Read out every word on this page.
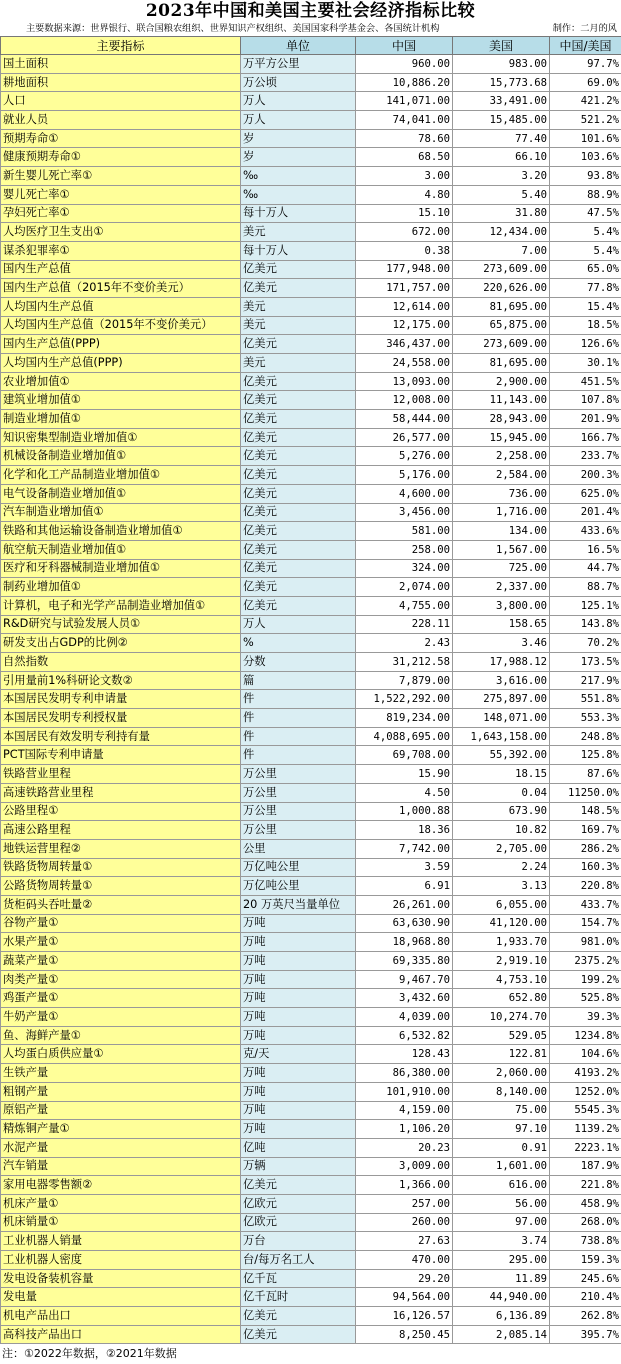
2023年中国和美国主要社会经济指标比较
主要数据来源：世界银行、联合国粮农组织、世界知识产权组织、美国国家科学基金会、各国统计机构	制作：二月的风
主要指标	单位	中国	美国	中国/美国
国土面积	万平方公里	960.00	983.00	97.7%
耕地面积	万公顷	10,886.20	15,773.68	69.0%
人口	万人	141,071.00	33,491.00	421.2%
就业人员	万人	74,041.00	15,485.00	521.2%
预期寿命①	岁	78.60	77.40	101.6%
健康预期寿命①	岁	68.50	66.10	103.6%
新生婴儿死亡率①	‰	3.00	3.20	93.8%
婴儿死亡率①	‰	4.80	5.40	88.9%
孕妇死亡率①	每十万人	15.10	31.80	47.5%
人均医疗卫生支出①	美元	672.00	12,434.00	5.4%
谋杀犯罪率①	每十万人	0.38	7.00	5.4%
国内生产总值	亿美元	177,948.00	273,609.00	65.0%
国内生产总值（2015年不变价美元）	亿美元	171,757.00	220,626.00	77.8%
人均国内生产总值	美元	12,614.00	81,695.00	15.4%
人均国内生产总值（2015年不变价美元）	美元	12,175.00	65,875.00	18.5%
国内生产总值(PPP)	亿美元	346,437.00	273,609.00	126.6%
人均国内生产总值(PPP)	美元	24,558.00	81,695.00	30.1%
农业增加值①	亿美元	13,093.00	2,900.00	451.5%
建筑业增加值①	亿美元	12,008.00	11,143.00	107.8%
制造业增加值①	亿美元	58,444.00	28,943.00	201.9%
知识密集型制造业增加值①	亿美元	26,577.00	15,945.00	166.7%
机械设备制造业增加值①	亿美元	5,276.00	2,258.00	233.7%
化学和化工产品制造业增加值①	亿美元	5,176.00	2,584.00	200.3%
电气设备制造业增加值①	亿美元	4,600.00	736.00	625.0%
汽车制造业增加值①	亿美元	3,456.00	1,716.00	201.4%
铁路和其他运输设备制造业增加值①	亿美元	581.00	134.00	433.6%
航空航天制造业增加值①	亿美元	258.00	1,567.00	16.5%
医疗和牙科器械制造业增加值①	亿美元	324.00	725.00	44.7%
制药业增加值①	亿美元	2,074.00	2,337.00	88.7%
计算机，电子和光学产品制造业增加值①	亿美元	4,755.00	3,800.00	125.1%
R&D研究与试验发展人员①	万人	228.11	158.65	143.8%
研发支出占GDP的比例②	%	2.43	3.46	70.2%
自然指数	分数	31,212.58	17,988.12	173.5%
引用量前1%科研论文数②	篇	7,879.00	3,616.00	217.9%
本国居民发明专利申请量	件	1,522,292.00	275,897.00	551.8%
本国居民发明专利授权量	件	819,234.00	148,071.00	553.3%
本国居民有效发明专利持有量	件	4,088,695.00	1,643,158.00	248.8%
PCT国际专利申请量	件	69,708.00	55,392.00	125.8%
铁路营业里程	万公里	15.90	18.15	87.6%
高速铁路营业里程	万公里	4.50	0.04	11250.0%
公路里程①	万公里	1,000.88	673.90	148.5%
高速公路里程	万公里	18.36	10.82	169.7%
地铁运营里程②	公里	7,742.00	2,705.00	286.2%
铁路货物周转量①	万亿吨公里	3.59	2.24	160.3%
公路货物周转量①	万亿吨公里	6.91	3.13	220.8%
货柜码头吞吐量②	20 万英尺当量单位	26,261.00	6,055.00	433.7%
谷物产量①	万吨	63,630.90	41,120.00	154.7%
水果产量①	万吨	18,968.80	1,933.70	981.0%
蔬菜产量①	万吨	69,335.80	2,919.10	2375.2%
肉类产量①	万吨	9,467.70	4,753.10	199.2%
鸡蛋产量①	万吨	3,432.60	652.80	525.8%
牛奶产量①	万吨	4,039.00	10,274.70	39.3%
鱼、海鲜产量①	万吨	6,532.82	529.05	1234.8%
人均蛋白质供应量①	克/天	128.43	122.81	104.6%
生铁产量	万吨	86,380.00	2,060.00	4193.2%
粗钢产量	万吨	101,910.00	8,140.00	1252.0%
原铝产量	万吨	4,159.00	75.00	5545.3%
精炼铜产量①	万吨	1,106.20	97.10	1139.2%
水泥产量	亿吨	20.23	0.91	2223.1%
汽车销量	万辆	3,009.00	1,601.00	187.9%
家用电器零售额②	亿美元	1,366.00	616.00	221.8%
机床产量①	亿欧元	257.00	56.00	458.9%
机床销量①	亿欧元	260.00	97.00	268.0%
工业机器人销量	万台	27.63	3.74	738.8%
工业机器人密度	台/每万名工人	470.00	295.00	159.3%
发电设备装机容量	亿千瓦	29.20	11.89	245.6%
发电量	亿千瓦时	94,564.00	44,940.00	210.4%
机电产品出口	亿美元	16,126.57	6,136.89	262.8%
高科技产品出口	亿美元	8,250.45	2,085.14	395.7%
注：①2022年数据，②2021年数据
